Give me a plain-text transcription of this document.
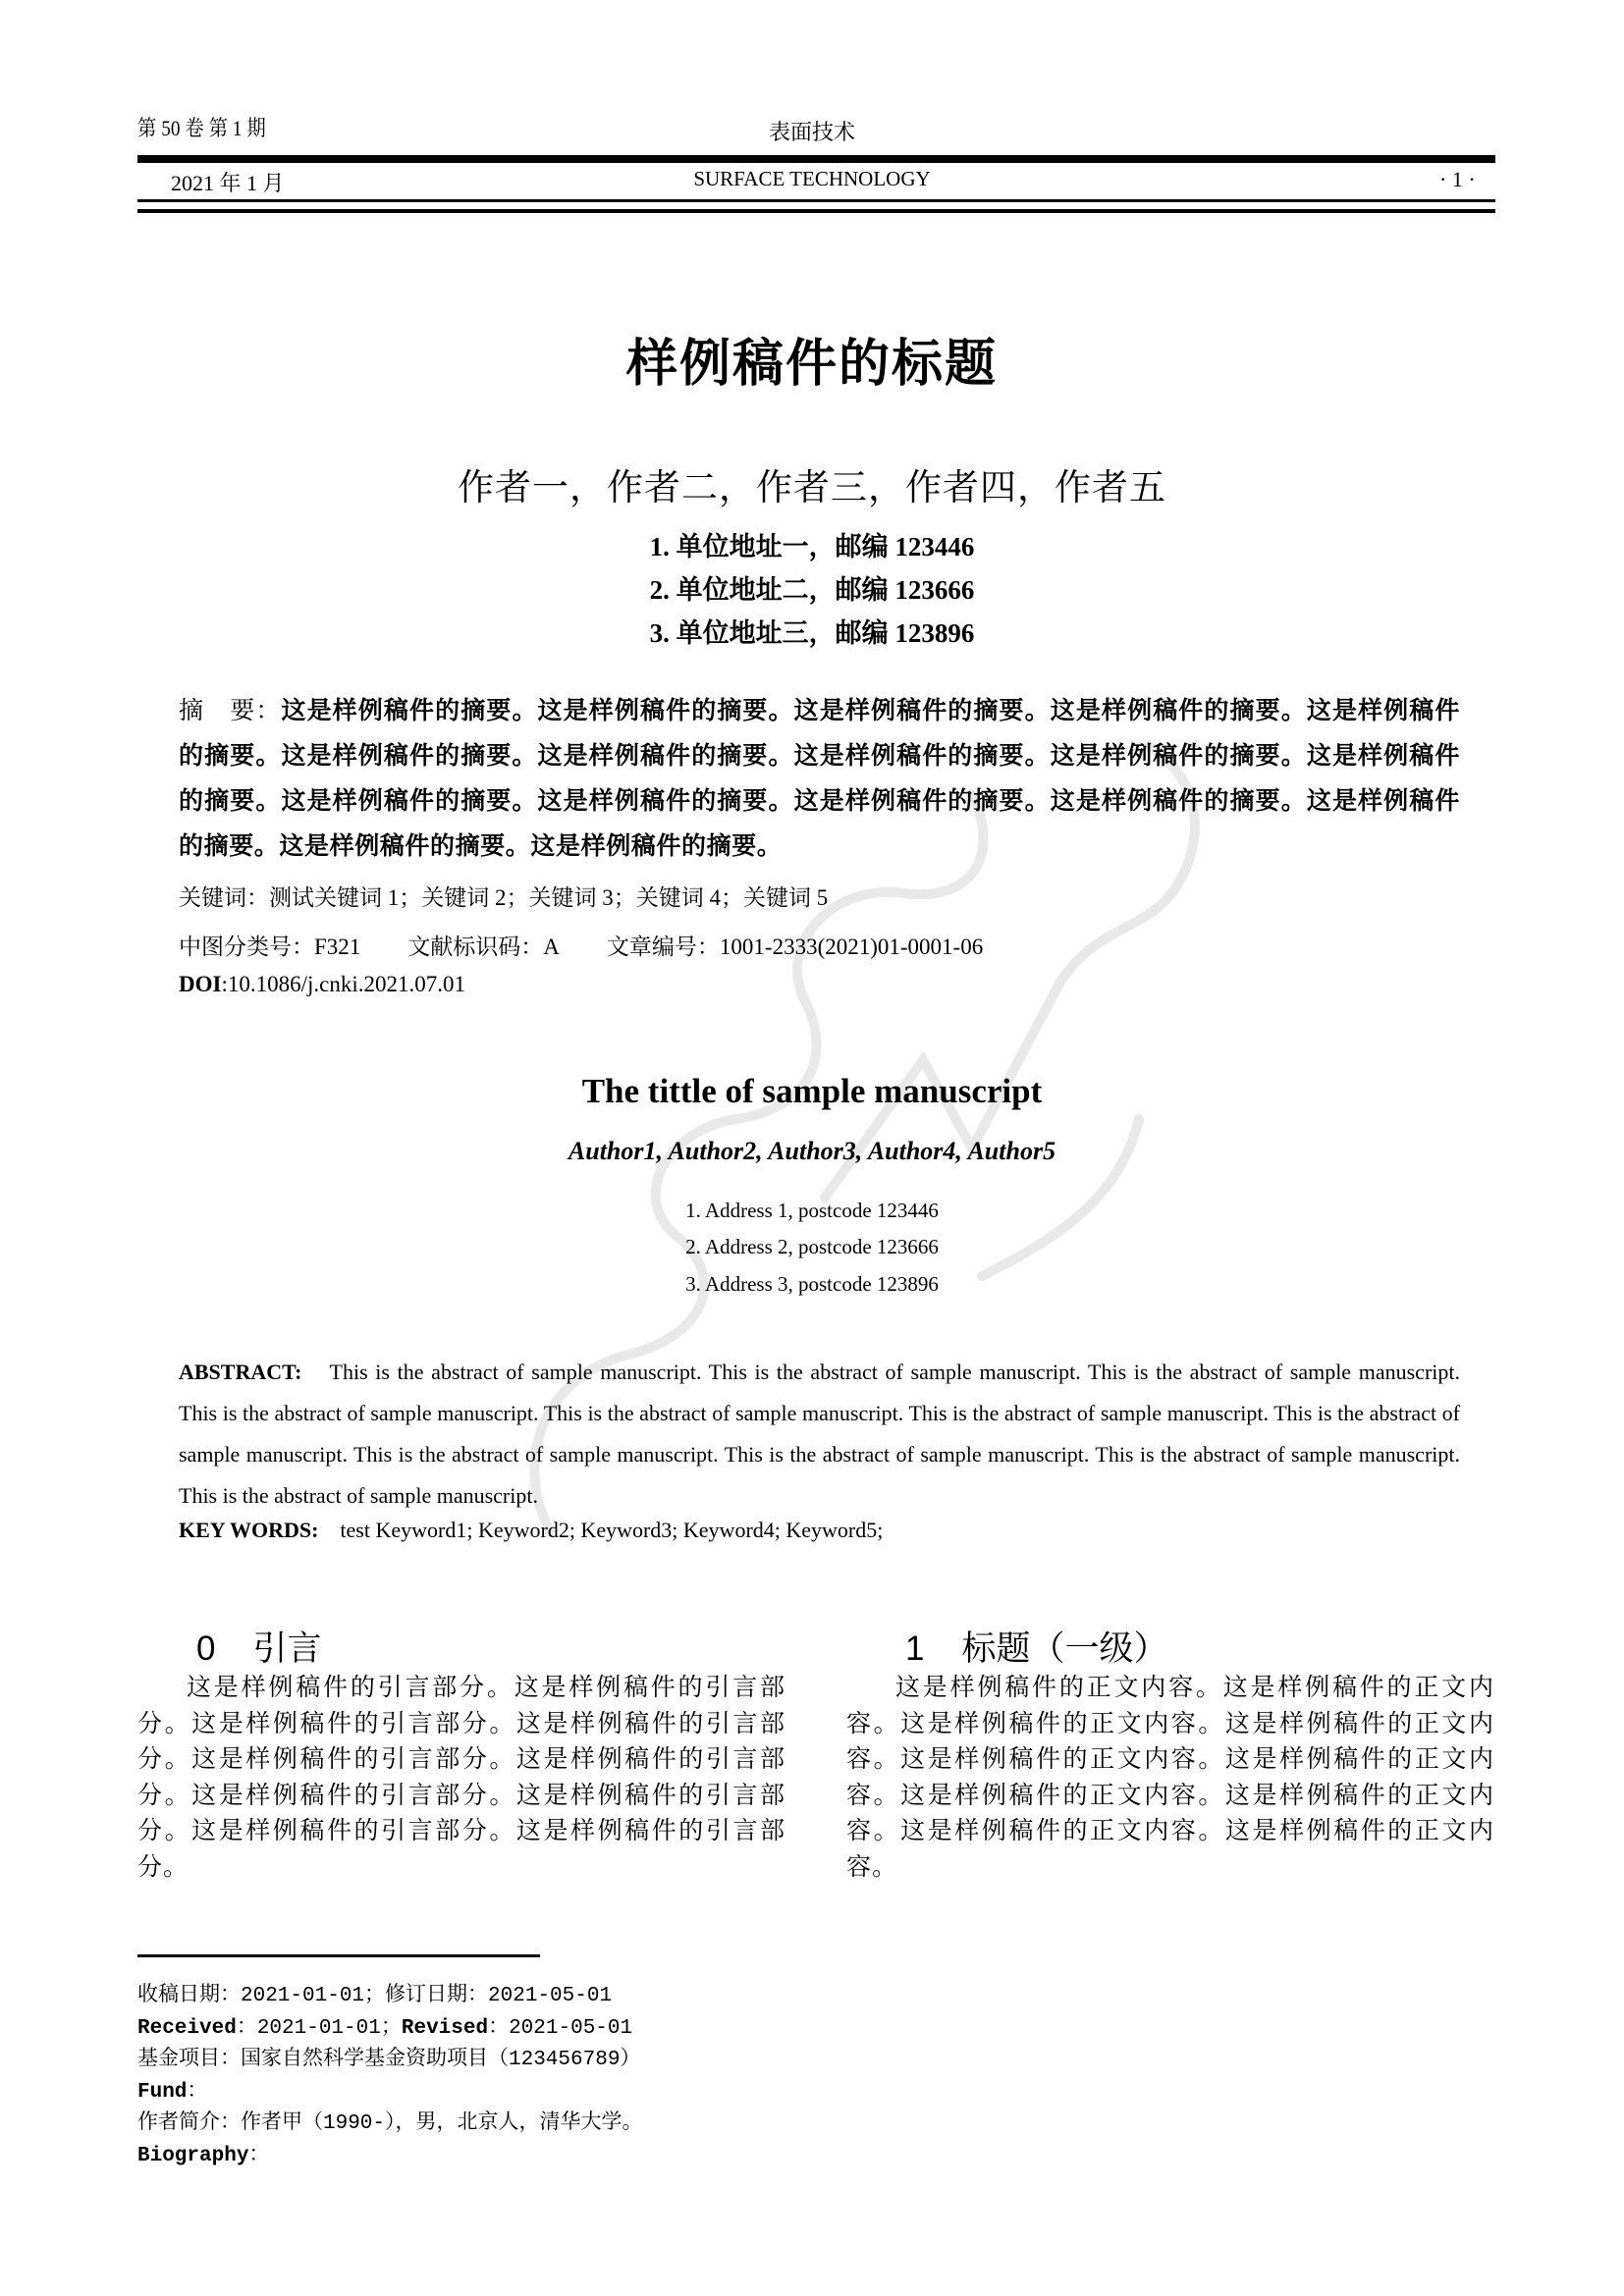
第 50 卷 第 1 期	表面技术
2021 年 1 月	SURFACE TECHNOLOGY	· 1 ·
样例稿件的标题
作者一，作者二，作者三，作者四，作者五
1. 单位地址一，邮编 123446
2. 单位地址二，邮编 123666
3. 单位地址三，邮编 123896
摘　要：这是样例稿件的摘要。这是样例稿件的摘要。这是样例稿件的摘要。这是样例稿件的摘要。这是样例稿件的摘要。这是样例稿件的摘要。这是样例稿件的摘要。这是样例稿件的摘要。这是样例稿件的摘要。这是样例稿件的摘要。这是样例稿件的摘要。这是样例稿件的摘要。这是样例稿件的摘要。这是样例稿件的摘要。这是样例稿件的摘要。这是样例稿件的摘要。这是样例稿件的摘要。
关键词：测试关键词 1；关键词 2；关键词 3；关键词 4；关键词 5
中图分类号：F321 文献标识码：A 文章编号：1001-2333(2021)01-0001-06
DOI:10.1086/j.cnki.2021.07.01
The tittle of sample manuscript
Author1, Author2, Author3, Author4, Author5
1. Address 1, postcode 123446
2. Address 2, postcode 123666
3. Address 3, postcode 123896
ABSTRACT: This is the abstract of sample manuscript. This is the abstract of sample manuscript. This is the abstract of sample manuscript. This is the abstract of sample manuscript. This is the abstract of sample manuscript. This is the abstract of sample manuscript. This is the abstract of sample manuscript. This is the abstract of sample manuscript. This is the abstract of sample manuscript. This is the abstract of sample manuscript. This is the abstract of sample manuscript.
KEY WORDS: test Keyword1; Keyword2; Keyword3; Keyword4; Keyword5;
0 引言
这是样例稿件的引言部分。这是样例稿件的引言部分。这是样例稿件的引言部分。这是样例稿件的引言部分。这是样例稿件的引言部分。这是样例稿件的引言部分。这是样例稿件的引言部分。这是样例稿件的引言部分。这是样例稿件的引言部分。这是样例稿件的引言部分。
1 标题（一级）
这是样例稿件的正文内容。这是样例稿件的正文内容。这是样例稿件的正文内容。这是样例稿件的正文内容。这是样例稿件的正文内容。这是样例稿件的正文内容。这是样例稿件的正文内容。这是样例稿件的正文内容。这是样例稿件的正文内容。这是样例稿件的正文内容。
收稿日期：2021-01-01；修订日期：2021-05-01
Received：2021-01-01；Revised：2021-05-01
基金项目：国家自然科学基金资助项目（123456789）
Fund：
作者简介：作者甲（1990-），男，北京人，清华大学。
Biography：
